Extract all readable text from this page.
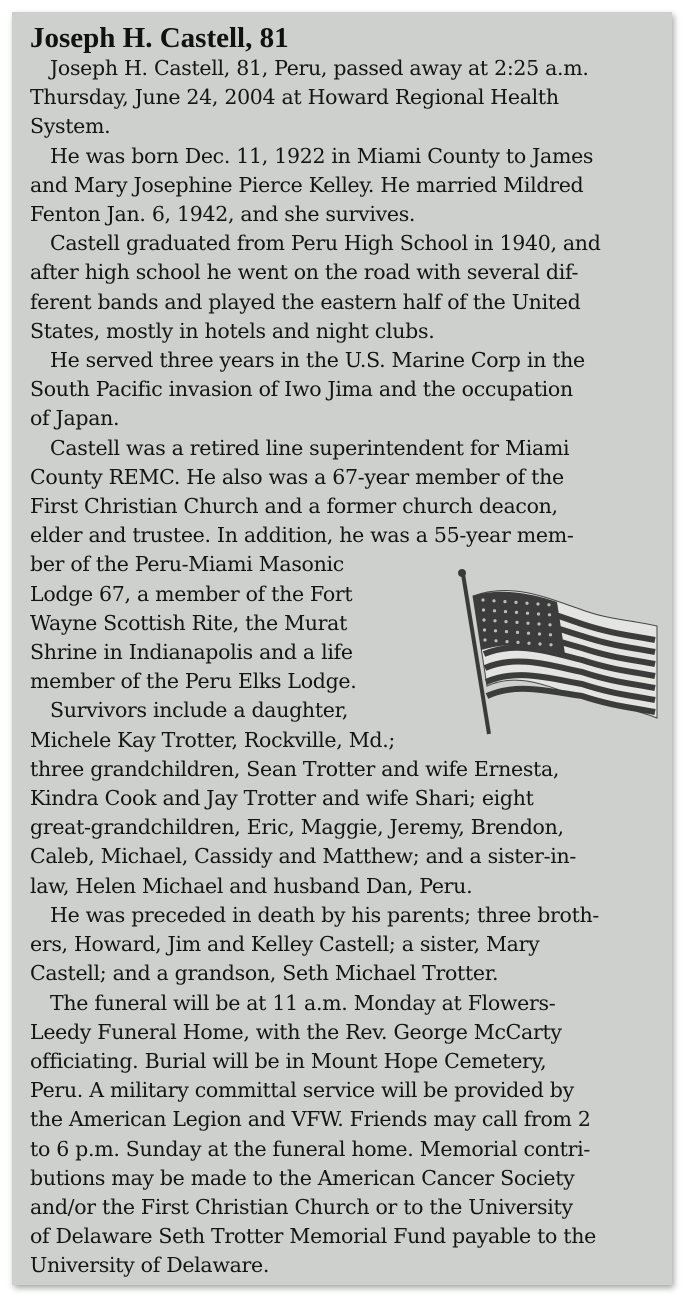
Joseph H. Castell, 81

Joseph H. Castell, 81, Peru, passed away at 2:25 a.m.
Thursday, June 24, 2004 at Howard Regional Health
System.

He was born Dec. 11, 1922 in Miami County to James
and Mary Josephine Pierce Kelley. He married Mildred
Fenton Jan. 6, 1942, and she survives.

Castell graduated from Peru High School in 1940, and
after high school he went on the road with several dif-
ferent bands and played the eastern half of the United
States, mostly in hotels and night clubs.

He served three years in the U.S. Marine Corp in the
South Pacific invasion of Iwo Jima and the occupation
of Japan.

Castell was a retired line superintendent for Miami
County REMC. He also was a 67-year member of the
First Christian Church and a former church deacon,
elder and trustee. In addition, he was a 55-year mem-
ber of the Peru-Miami Masonic
Lodge 67, a member of the Fort
Wayne Scottish Rite, the Murat
Shrine in Indianapolis and a life
member of the Peru Elks Lodge.

Survivors include a daughter,
Michele Kay Trotter, Rockville, Md.;
three grandchildren, Sean Trotter and wife Ernesta,
Kindra Cook and Jay Trotter and wife Shari; eight
great-grandchildren, Eric, Maggie, Jeremy, Brendon,
Caleb, Michael, Cassidy and Matthew; and a sister-in-
law, Helen Michael and husband Dan, Peru.

He was preceded in death by his parents; three broth-
ers, Howard, Jim and Kelley Castell; a sister, Mary
Castell; and a grandson, Seth Michael Trotter.

The funeral will be at 11 a.m. Monday at Flowers-
Leedy Funeral Home, with the Rev. George McCarty
officiating. Burial will be in Mount Hope Cemetery,
Peru. A military committal service will be provided by
the American Legion and VFW. Friends may call from 2
to 6 p.m. Sunday at the funeral home. Memorial contri-
butions may be made to the American Cancer Society
and/or the First Christian Church or to the University
of Delaware Seth Trotter Memorial Fund payable to the
University of Delaware.
